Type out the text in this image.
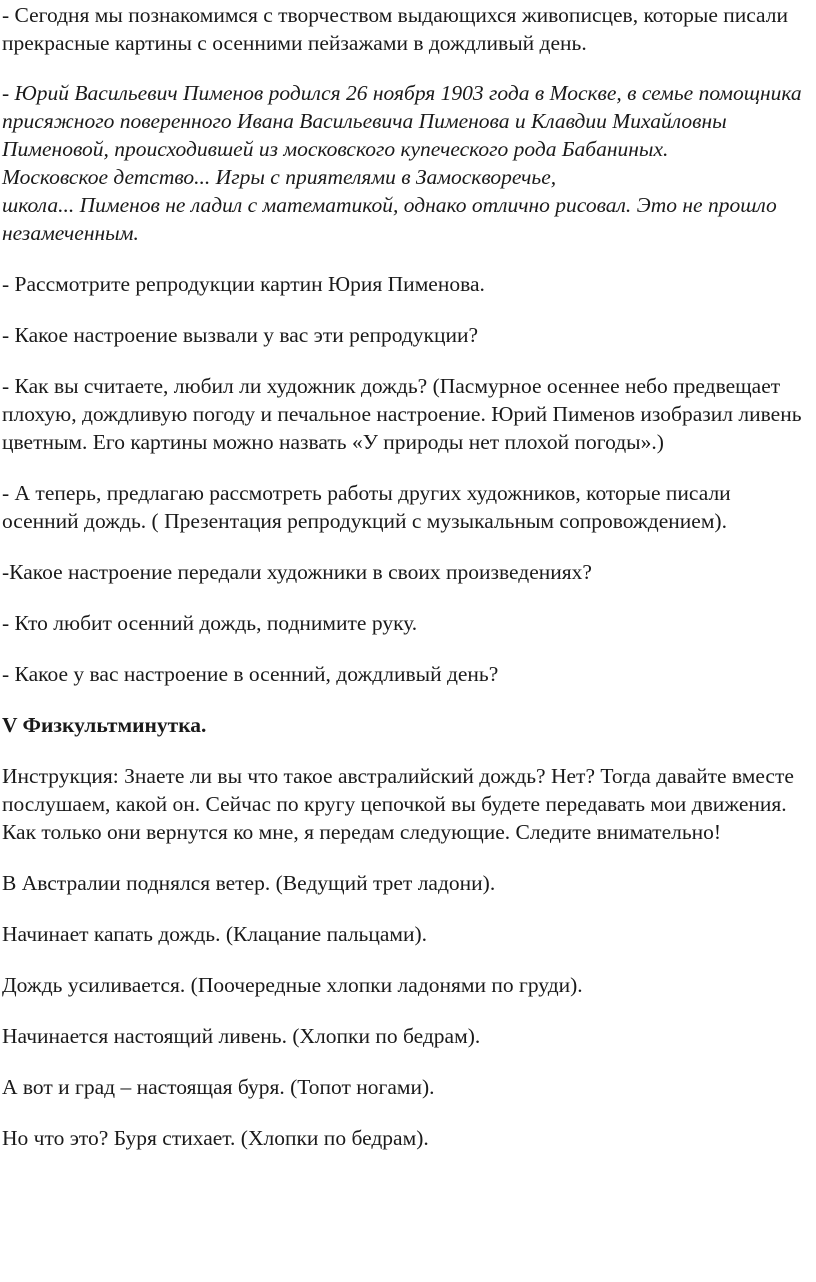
- Сегодня мы познакомимся с творчеством выдающихся живописцев, которые писали прекрасные картины с осенними пейзажами в дождливый день.

- Юрий Васильевич Пименов родился 26 ноября 1903 года в Москве, в семье помощника присяжного поверенного Ивана Васильевича Пименова и Клавдии Михайловны Пименовой, происходившей из московского купеческого рода Бабаниных.
Московское детство... Игры с приятелями в Замоскворечье,
школа... Пименов не ладил с математикой, однако отлично рисовал. Это не прошло незамеченным.

- Рассмотрите репродукции картин Юрия Пименова.

- Какое настроение вызвали у вас эти репродукции?

- Как вы считаете, любил ли художник дождь? (Пасмурное осеннее небо предвещает плохую, дождливую погоду и печальное настроение. Юрий Пименов изобразил ливень цветным. Его картины можно назвать «У природы нет плохой погоды».)

- А теперь, предлагаю рассмотреть работы других художников, которые писали осенний дождь. ( Презентация репродукций с музыкальным сопровождением).

-Какое настроение передали художники в своих произведениях?

- Кто любит осенний дождь, поднимите руку.

- Какое у вас настроение в осенний, дождливый день?

V Физкультминутка.

Инструкция: Знаете ли вы что такое австралийский дождь? Нет? Тогда давайте вместе послушаем, какой он. Сейчас по кругу цепочкой вы будете передавать мои движения. Как только они вернутся ко мне, я передам следующие. Следите внимательно!

В Австралии поднялся ветер. (Ведущий трет ладони).

Начинает капать дождь. (Клацание пальцами).

Дождь усиливается. (Поочередные хлопки ладонями по груди).

Начинается настоящий ливень. (Хлопки по бедрам).

А вот и град – настоящая буря. (Топот ногами).

Но что это? Буря стихает. (Хлопки по бедрам).
